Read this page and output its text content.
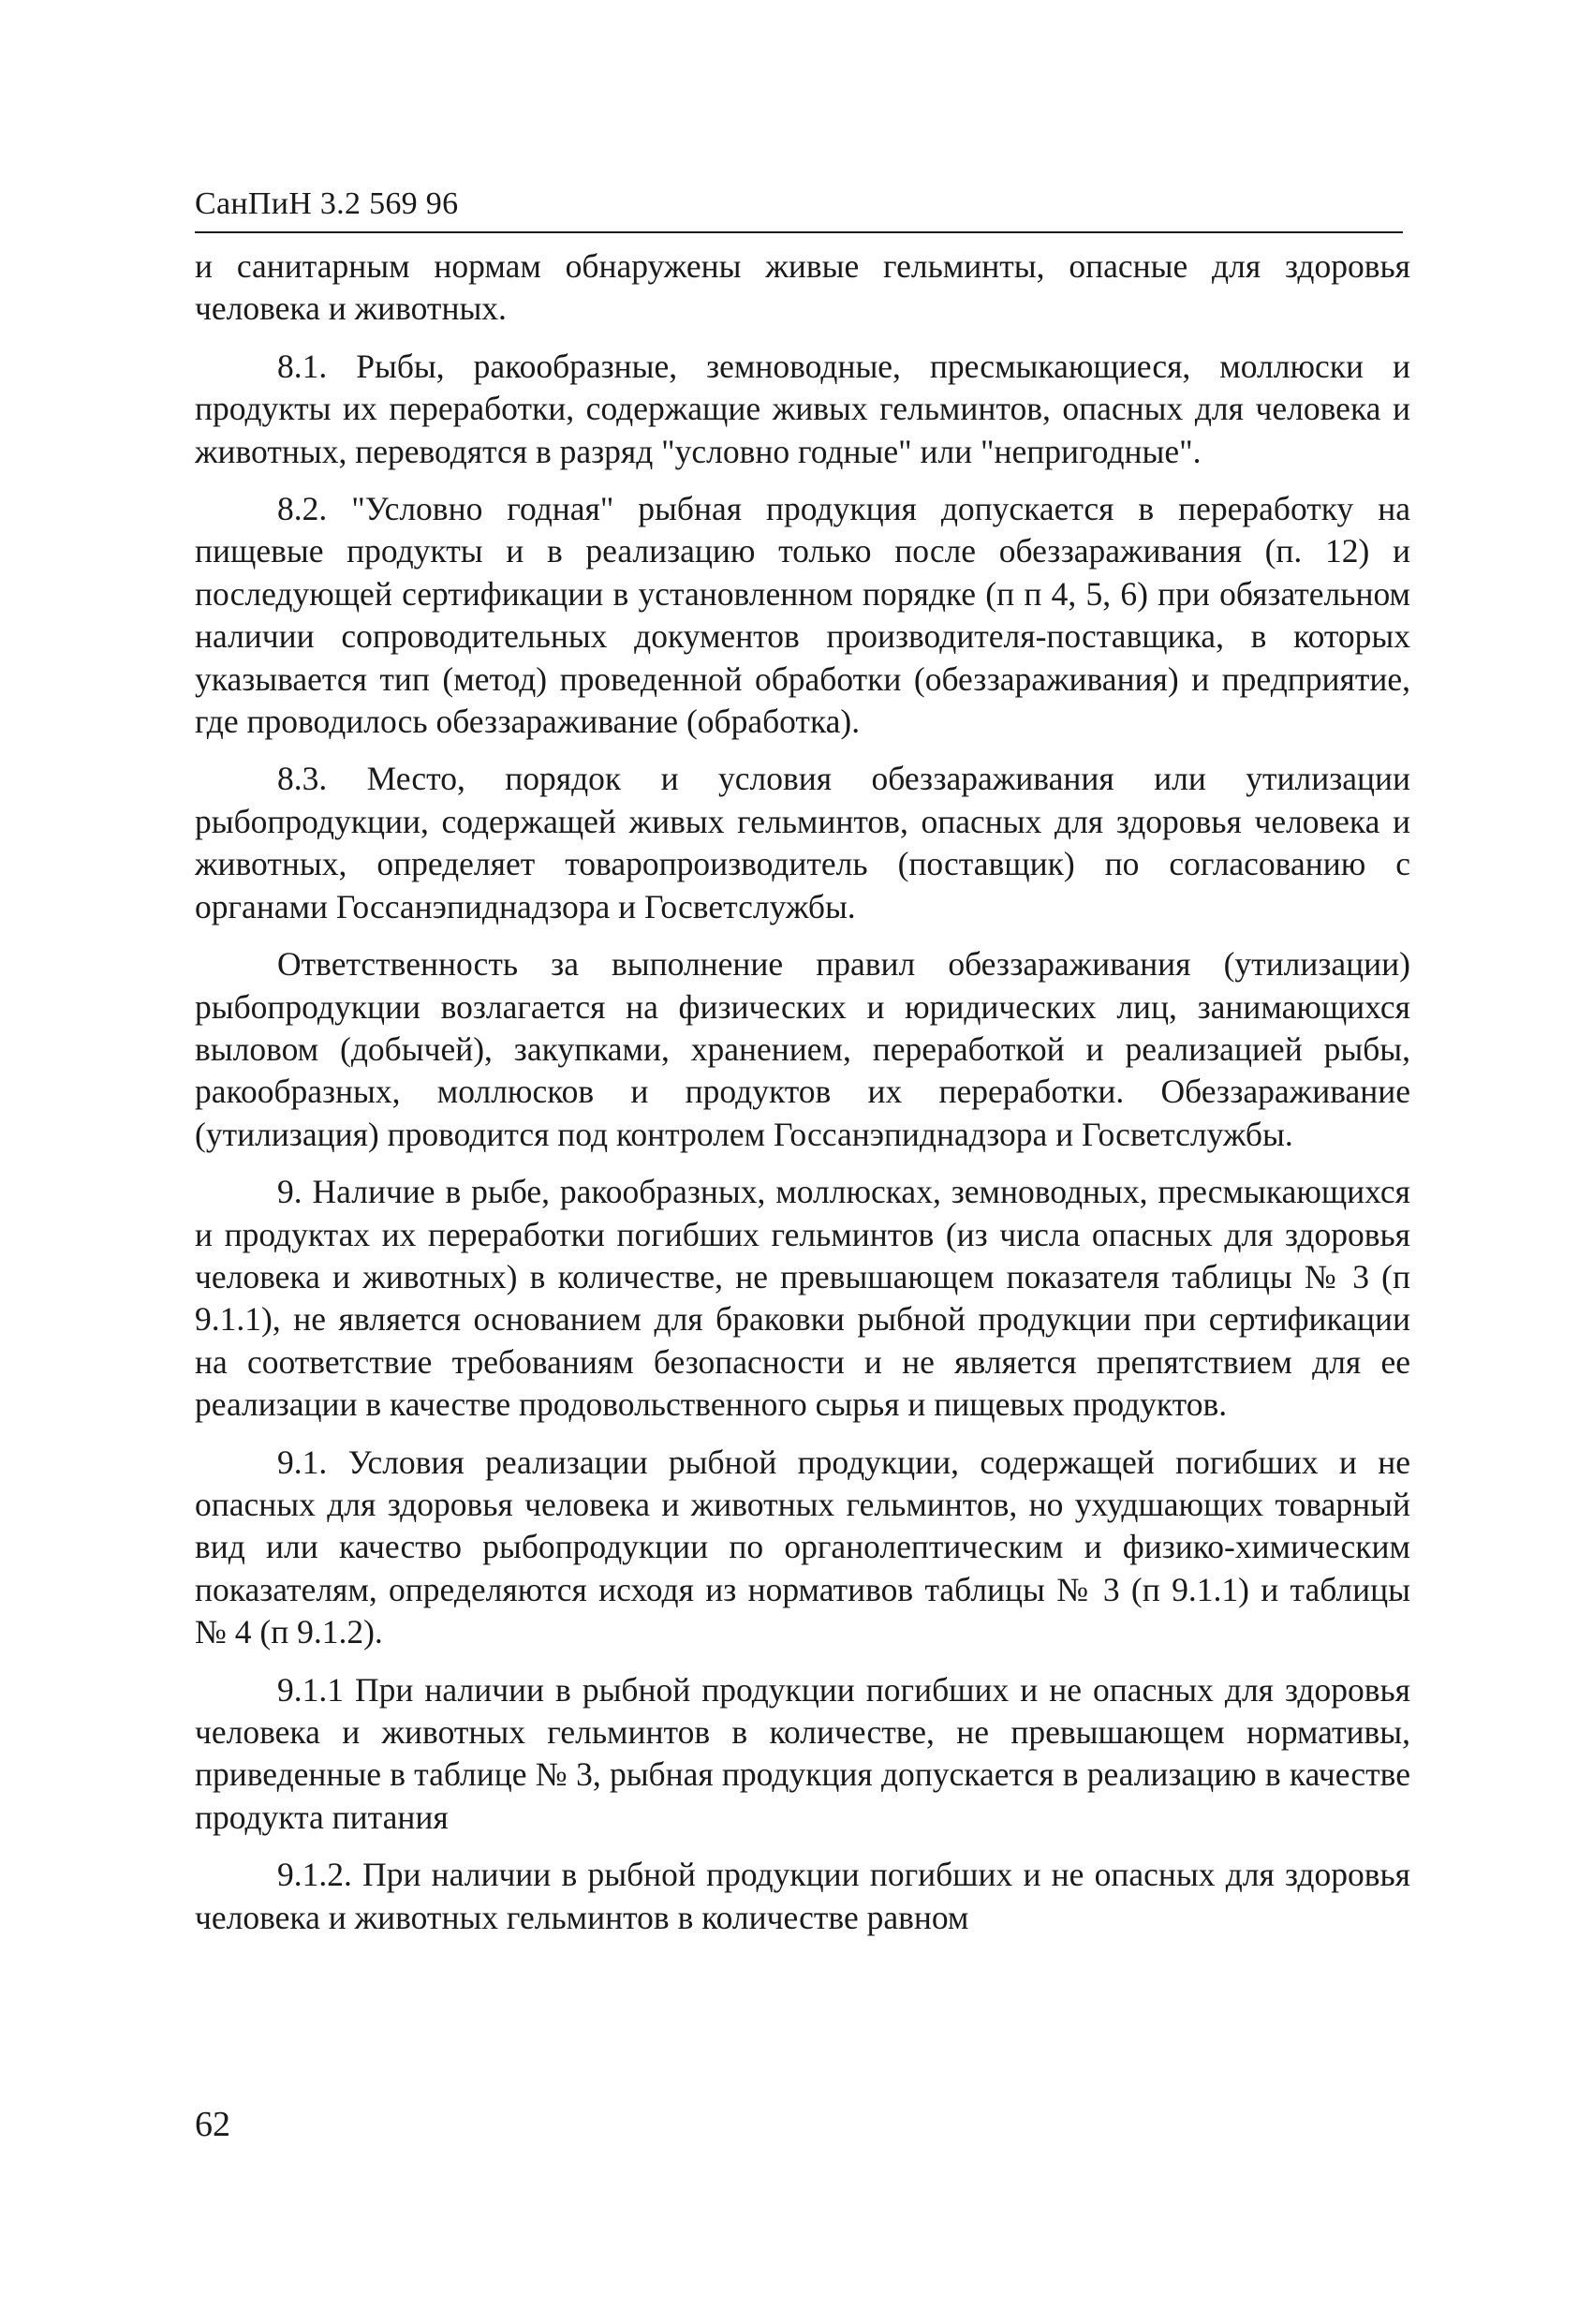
СанПиН 3.2 569 96

и санитарным нормам обнаружены живые гельминты, опасные для здоровья человека и животных.

8.1. Рыбы, ракообразные, земноводные, пресмыкающиеся, моллюски и продукты их переработки, содержащие живых гельминтов, опасных для человека и животных, переводятся в разряд "условно годные" или "непригодные".

8.2. "Условно годная" рыбная продукция допускается в переработку на пищевые продукты и в реализацию только после обеззараживания (п. 12) и последующей сертификации в установленном порядке (п п 4, 5, 6) при обязательном наличии сопроводительных документов производителя-поставщика, в которых указывается тип (метод) проведенной обработки (обеззараживания) и предприятие, где проводилось обеззараживание (обработка).

8.3. Место, порядок и условия обеззараживания или утилизации рыбопродукции, содержащей живых гельминтов, опасных для здоровья человека и животных, определяет товаропроизводитель (поставщик) по согласованию с органами Госсанэпиднадзора и Госветслужбы.

Ответственность за выполнение правил обеззараживания (утилизации) рыбопродукции возлагается на физических и юридических лиц, занимающихся выловом (добычей), закупками, хранением, переработкой и реализацией рыбы, ракообразных, моллюсков и продуктов их переработки. Обеззараживание (утилизация) проводится под контролем Госсанэпиднадзора и Госветслужбы.

9. Наличие в рыбе, ракообразных, моллюсках, земноводных, пресмыкающихся и продуктах их переработки погибших гельминтов (из числа опасных для здоровья человека и животных) в количестве, не превышающем показателя таблицы № 3 (п 9.1.1), не является основанием для браковки рыбной продукции при сертификации на соответствие требованиям безопасности и не является препятствием для ее реализации в качестве продовольственного сырья и пищевых продуктов.

9.1. Условия реализации рыбной продукции, содержащей погибших и не опасных для здоровья человека и животных гельминтов, но ухудшающих товарный вид или качество рыбопродукции по органолептическим и физико-химическим показателям, определяются исходя из нормативов таблицы № 3 (п 9.1.1) и таблицы № 4 (п 9.1.2).

9.1.1 При наличии в рыбной продукции погибших и не опасных для здоровья человека и животных гельминтов в количестве, не превышающем нормативы, приведенные в таблице № 3, рыбная продукция допускается в реализацию в качестве продукта питания

9.1.2. При наличии в рыбной продукции погибших и не опасных для здоровья человека и животных гельминтов в количестве равном

62
